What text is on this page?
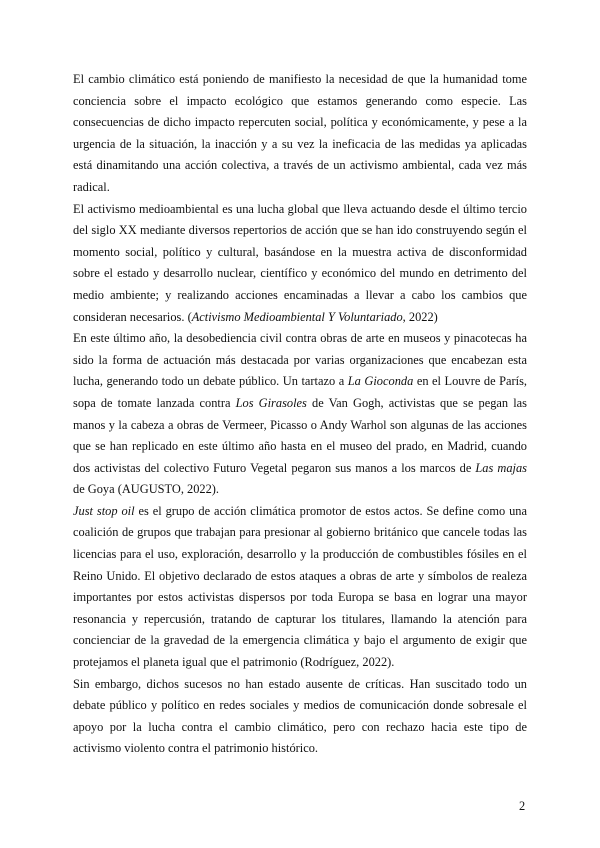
El cambio climático está poniendo de manifiesto la necesidad de que la humanidad tome conciencia sobre el impacto ecológico que estamos generando como especie. Las consecuencias de dicho impacto repercuten social, política y económicamente, y pese a la urgencia de la situación, la inacción y a su vez la ineficacia de las medidas ya aplicadas está dinamitando una acción colectiva, a través de un activismo ambiental, cada vez más radical.

El activismo medioambiental es una lucha global que lleva actuando desde el último tercio del siglo XX mediante diversos repertorios de acción que se han ido construyendo según el momento social, político y cultural, basándose en la muestra activa de disconformidad sobre el estado y desarrollo nuclear, científico y económico del mundo en detrimento del medio ambiente; y realizando acciones encaminadas a llevar a cabo los cambios que consideran necesarios. (Activismo Medioambiental Y Voluntariado, 2022)

En este último año, la desobediencia civil contra obras de arte en museos y pinacotecas ha sido la forma de actuación más destacada por varias organizaciones que encabezan esta lucha, generando todo un debate público. Un tartazo a La Gioconda en el Louvre de París, sopa de tomate lanzada contra Los Girasoles de Van Gogh, activistas que se pegan las manos y la cabeza a obras de Vermeer, Picasso o Andy Warhol son algunas de las acciones que se han replicado en este último año hasta en el museo del prado, en Madrid, cuando dos activistas del colectivo Futuro Vegetal pegaron sus manos a los marcos de Las majas de Goya (AUGUSTO, 2022).

Just stop oil es el grupo de acción climática promotor de estos actos. Se define como una coalición de grupos que trabajan para presionar al gobierno británico que cancele todas las licencias para el uso, exploración, desarrollo y la producción de combustibles fósiles en el Reino Unido. El objetivo declarado de estos ataques a obras de arte y símbolos de realeza importantes por estos activistas dispersos por toda Europa se basa en lograr una mayor resonancia y repercusión, tratando de capturar los titulares, llamando la atención para concienciar de la gravedad de la emergencia climática y bajo el argumento de exigir que protejamos el planeta igual que el patrimonio (Rodríguez, 2022).

Sin embargo, dichos sucesos no han estado ausente de críticas. Han suscitado todo un debate público y político en redes sociales y medios de comunicación donde sobresale el apoyo por la lucha contra el cambio climático, pero con rechazo hacia este tipo de activismo violento contra el patrimonio histórico.

2
